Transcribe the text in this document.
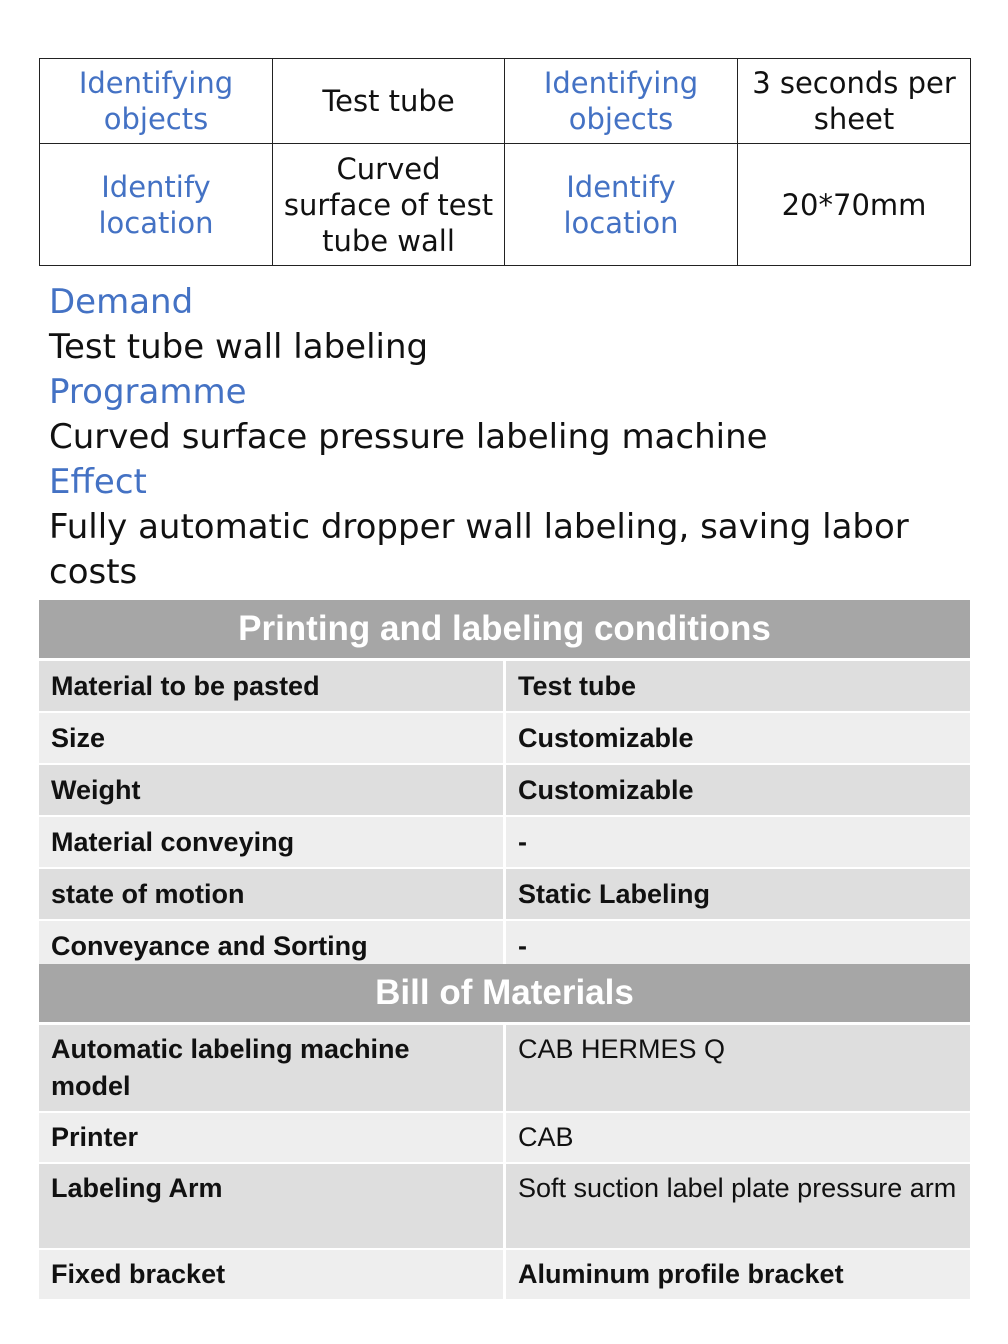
Identifying objects	Test tube	Identifying objects	3 seconds per sheet
Identify location	Curved surface of test tube wall	Identify location	20*70mm
Demand
Test tube wall labeling
Programme
Curved surface pressure labeling machine
Effect
Fully automatic dropper wall labeling, saving labor costs
Printing and labeling conditions	
Material to be pasted	Test tube
Size	Customizable
Weight	Customizable
Material conveying	-
state of motion	Static Labeling
Conveyance and Sorting	-
Bill of Materials	
Automatic labeling machine model	CAB HERMES Q
Printer	CAB
Labeling Arm	Soft suction label plate pressure arm
Fixed bracket	Aluminum profile bracket
